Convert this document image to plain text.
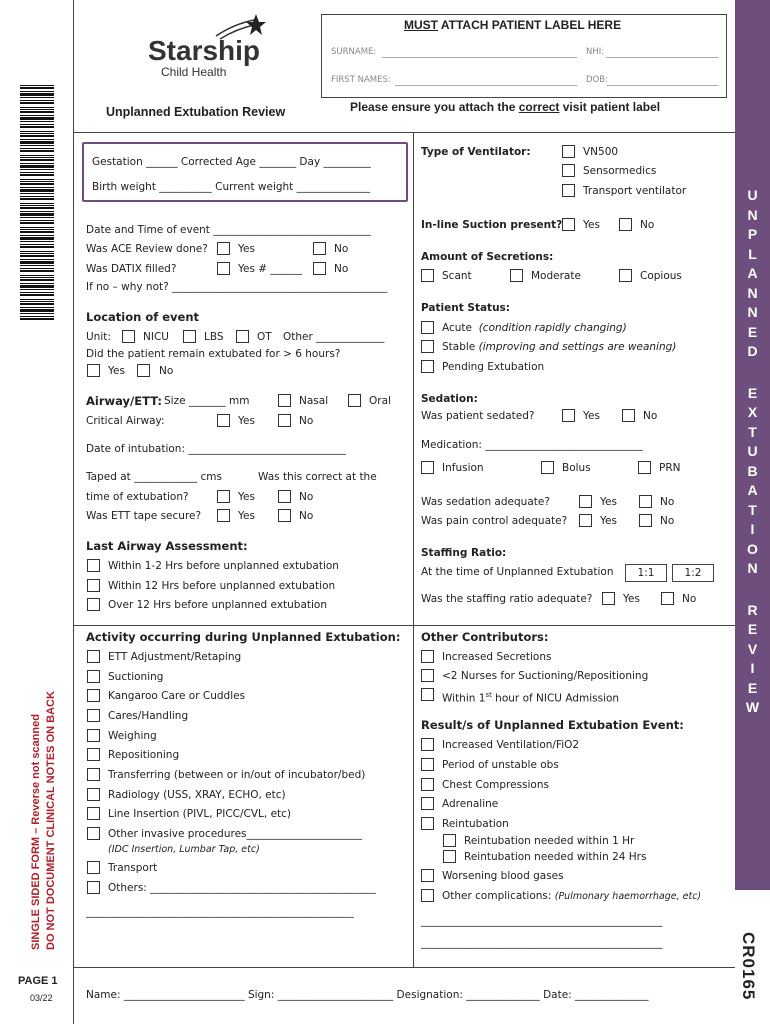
SINGLE SIDED FORM – Reverse not scanned DO NOT DOCUMENT CLINICAL NOTES ON BACK
PAGE 1
03/22
Starship
Child Health
Unplanned Extubation Review
MUST ATTACH PATIENT LABEL HERE
SURNAME:	NHI:
FIRST NAMES:	DOB:
Please ensure you attach the correct visit patient label
U
N
P
L
A
N
N
E
D
E
X
T
U
B
A
T
I
O
N
R
E
V
I
E
W
CR0165
Gestation ______ Corrected Age _______ Day _________
Birth weight __________ Current weight ______________
Date and Time of event ______________________________
Was ACE Review done?	Yes	No
Was DATIX filled?	Yes # ______	No
If no – why not? _________________________________________
Location of event
Unit:	NICU	LBS	OT Other _____________
Did the patient remain extubated for > 6 hours?
Yes	No
Airway/ETT: Size _______ mm	Nasal	Oral
Critical Airway:	Yes	No
Date of intubation: ______________________________
Taped at ____________ cms	Was this correct at the
time of extubation?	Yes	No
Was ETT tape secure?	Yes	No
Last Airway Assessment:
Within 1-2 Hrs before unplanned extubation
Within 12 Hrs before unplanned extubation
Over 12 Hrs before unplanned extubation
Type of Ventilator:	VN500
Sensormedics
Transport ventilator
In-line Suction present? Yes	No
Amount of Secretions:
Scant	Moderate	Copious
Patient Status:
Acute (condition rapidly changing)
Stable (improving and settings are weaning)
Pending Extubation
Sedation:
Was patient sedated?	Yes	No
Medication: ______________________________
Infusion	Bolus	PRN
Was sedation adequate?	Yes	No
Was pain control adequate?	Yes	No
Staffing Ratio:
At the time of Unplanned Extubation	1:1	1:2
Was the staffing ratio adequate?	Yes	No
Activity occurring during Unplanned Extubation:
ETT Adjustment/Retaping
Suctioning
Kangaroo Care or Cuddles
Cares/Handling
Weighing
Repositioning
Transferring (between or in/out of incubator/bed)
Radiology (USS, XRAY, ECHO, etc)
Line Insertion (PIVL, PICC/CVL, etc)
Other invasive procedures______________________
(IDC Insertion, Lumbar Tap, etc)
Transport
Others: ___________________________________________
___________________________________________________
Other Contributors:
Increased Secretions
<2 Nurses for Suctioning/Repositioning
Within 1st hour of NICU Admission
Result/s of Unplanned Extubation Event:
Increased Ventilation/FiO2
Period of unstable obs
Chest Compressions
Adrenaline
Reintubation
Reintubation needed within 1 Hr
Reintubation needed within 24 Hrs
Worsening blood gases
Other complications: (Pulmonary haemorrhage, etc)
______________________________________________
______________________________________________
Name: _______________________ Sign: ______________________ Designation: ______________ Date: ______________
